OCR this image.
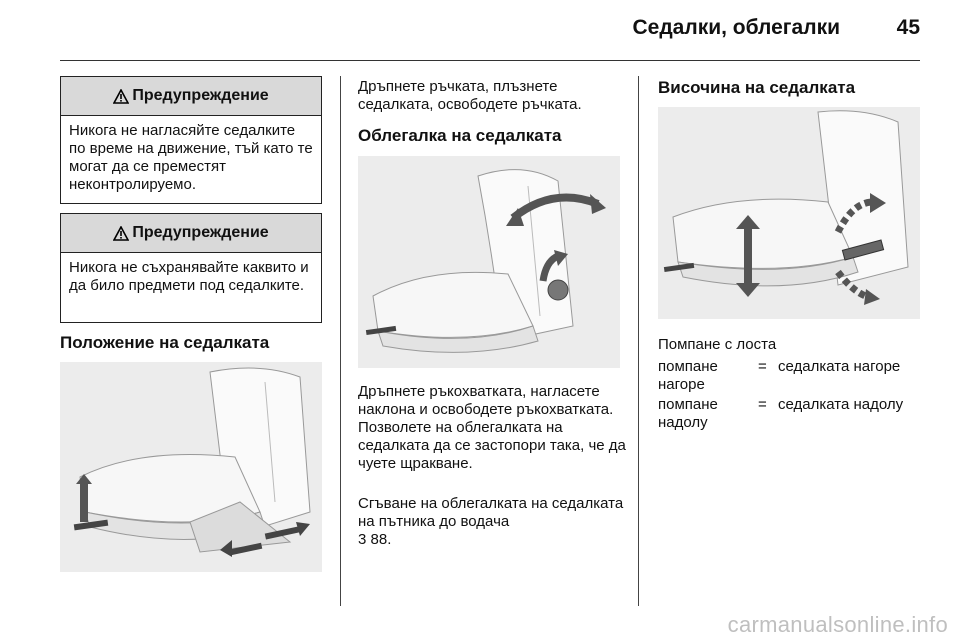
Седалки, облегалки	45
Предупреждение
Никога не нагласяйте седалките по време на движение, тъй като те могат да се преместят неконтролируемо.
Предупреждение
Никога не съхранявайте каквито и да било предмети под седалките.
Положение на седалката
Дръпнете ръчката, плъзнете седалката, освободете ръчката.
Облегалка на седалката
Дръпнете ръкохватката, нагласете наклона и освободете ръкохватката. Позволете на облегалката на седалката да се застопори така, че да чуете щракване.
Сгъване на облегалката на седалката на пътника до водача
3 88.
Височина на седалката
Помпане с лоста
помпане нагоре
= седалката нагоре
помпане надолу
= седалката надолу
carmanualsonline.info
